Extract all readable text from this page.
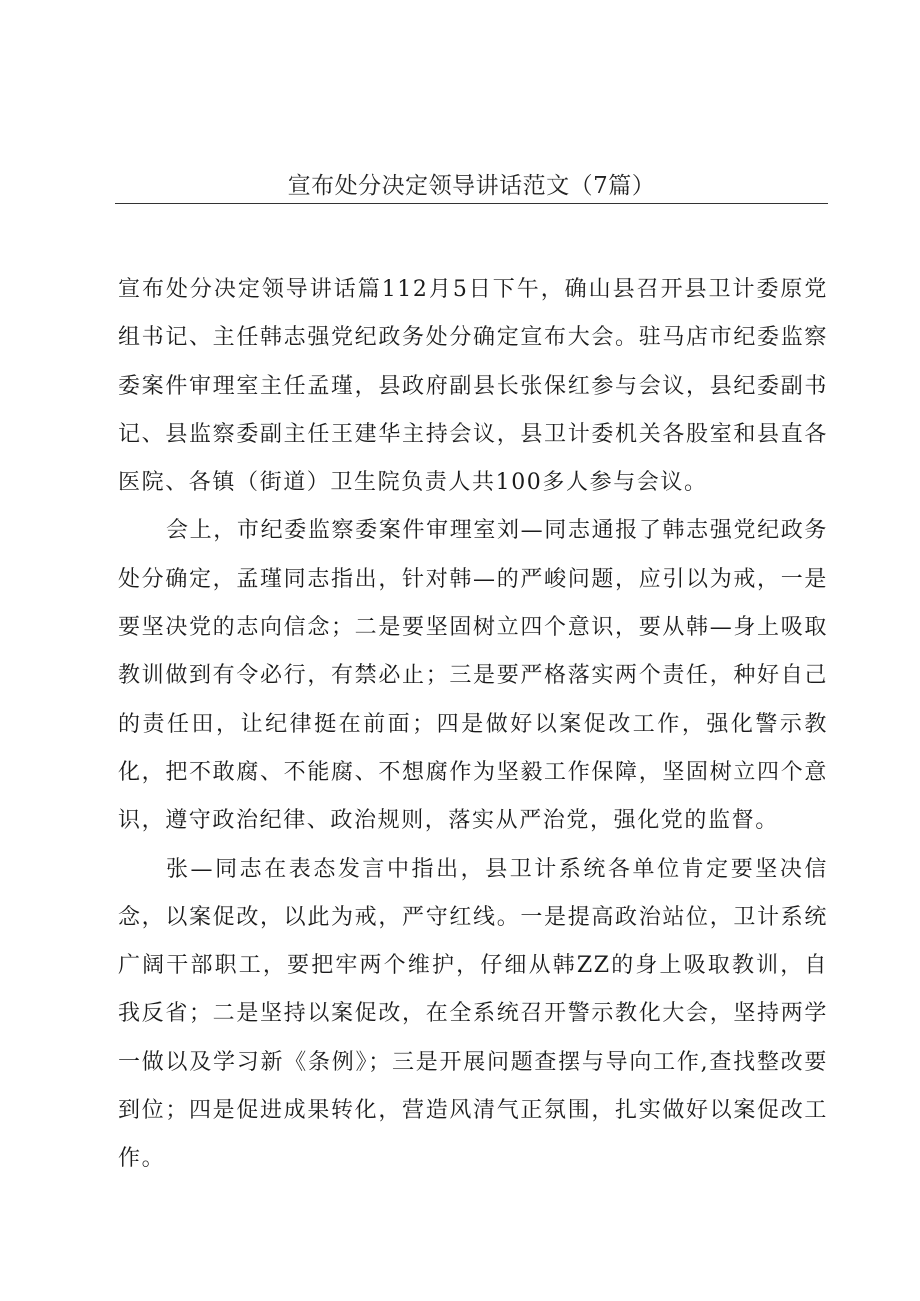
宣布处分决定领导讲话范文（7篇）

宣布处分决定领导讲话篇112月5日下午，确山县召开县卫计委原党组书记、主任韩志强党纪政务处分确定宣布大会。驻马店市纪委监察委案件审理室主任孟瑾，县政府副县长张保红参与会议，县纪委副书记、县监察委副主任王建华主持会议，县卫计委机关各股室和县直各医院、各镇（街道）卫生院负责人共100多人参与会议。

会上，市纪委监察委案件审理室刘—同志通报了韩志强党纪政务处分确定，孟瑾同志指出，针对韩—的严峻问题，应引以为戒，一是要坚决党的志向信念；二是要坚固树立四个意识，要从韩—身上吸取教训做到有令必行，有禁必止；三是要严格落实两个责任，种好自己的责任田，让纪律挺在前面；四是做好以案促改工作，强化警示教化，把不敢腐、不能腐、不想腐作为坚毅工作保障，坚固树立四个意识，遵守政治纪律、政治规则，落实从严治党，强化党的监督。

张—同志在表态发言中指出，县卫计系统各单位肯定要坚决信念，以案促改，以此为戒，严守红线。一是提高政治站位，卫计系统广阔干部职工，要把牢两个维护，仔细从韩ZZ的身上吸取教训，自我反省；二是坚持以案促改，在全系统召开警示教化大会，坚持两学一做以及学习新《条例》；三是开展问题查摆与导向工作,查找整改要到位；四是促进成果转化，营造风清气正氛围，扎实做好以案促改工作。
